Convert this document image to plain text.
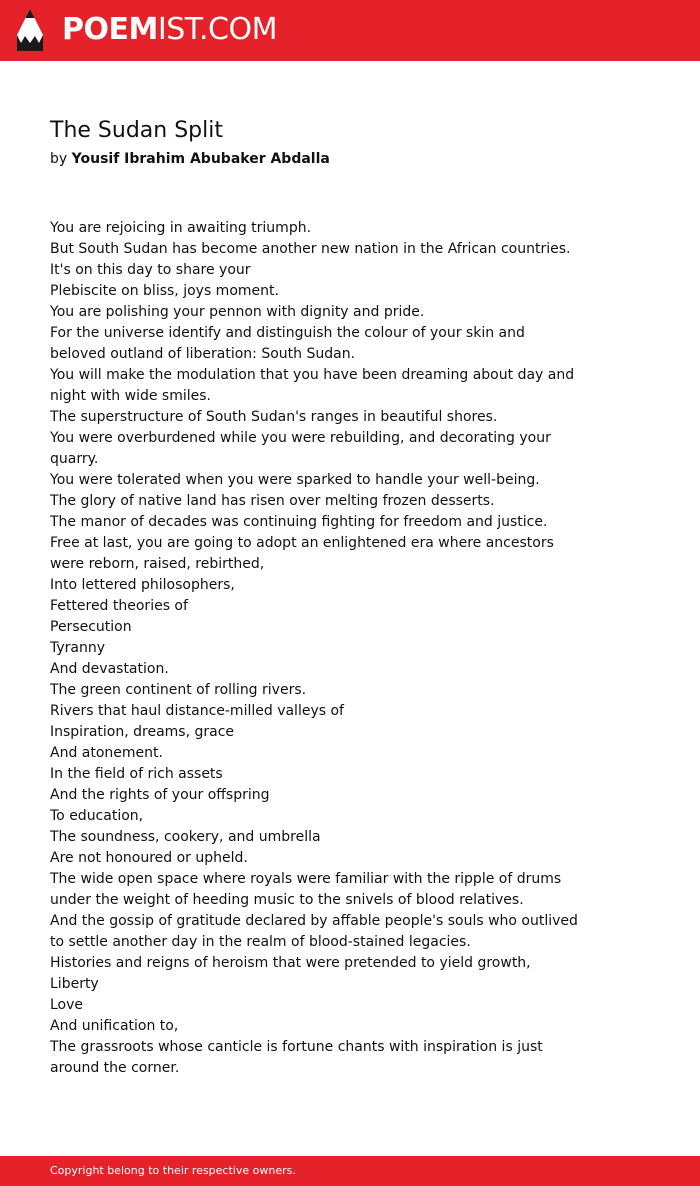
POEMIST.COM
The Sudan Split
by Yousif Ibrahim Abubaker Abdalla
You are rejoicing in awaiting triumph.
But South Sudan has become another new nation in the African countries.
It's on this day to share your
Plebiscite on bliss, joys moment.
You are polishing your pennon with dignity and pride.
For the universe identify and distinguish the colour of your skin and
beloved outland of liberation: South Sudan.
You will make the modulation that you have been dreaming about day and
night with wide smiles.
The superstructure of South Sudan's ranges in beautiful shores.
You were overburdened while you were rebuilding, and decorating your
quarry.
You were tolerated when you were sparked to handle your well-being.
The glory of native land has risen over melting frozen desserts.
The manor of decades was continuing fighting for freedom and justice.
Free at last, you are going to adopt an enlightened era where ancestors
were reborn, raised, rebirthed,
Into lettered philosophers,
Fettered theories of
Persecution
Tyranny
And devastation.
The green continent of rolling rivers.
Rivers that haul distance-milled valleys of
Inspiration, dreams, grace
And atonement.
In the field of rich assets
And the rights of your offspring
To education,
The soundness, cookery, and umbrella
Are not honoured or upheld.
The wide open space where royals were familiar with the ripple of drums
under the weight of heeding music to the snivels of blood relatives.
And the gossip of gratitude declared by affable people's souls who outlived
to settle another day in the realm of blood-stained legacies.
Histories and reigns of heroism that were pretended to yield growth,
Liberty
Love
And unification to,
The grassroots whose canticle is fortune chants with inspiration is just
around the corner.
Copyright belong to their respective owners.
